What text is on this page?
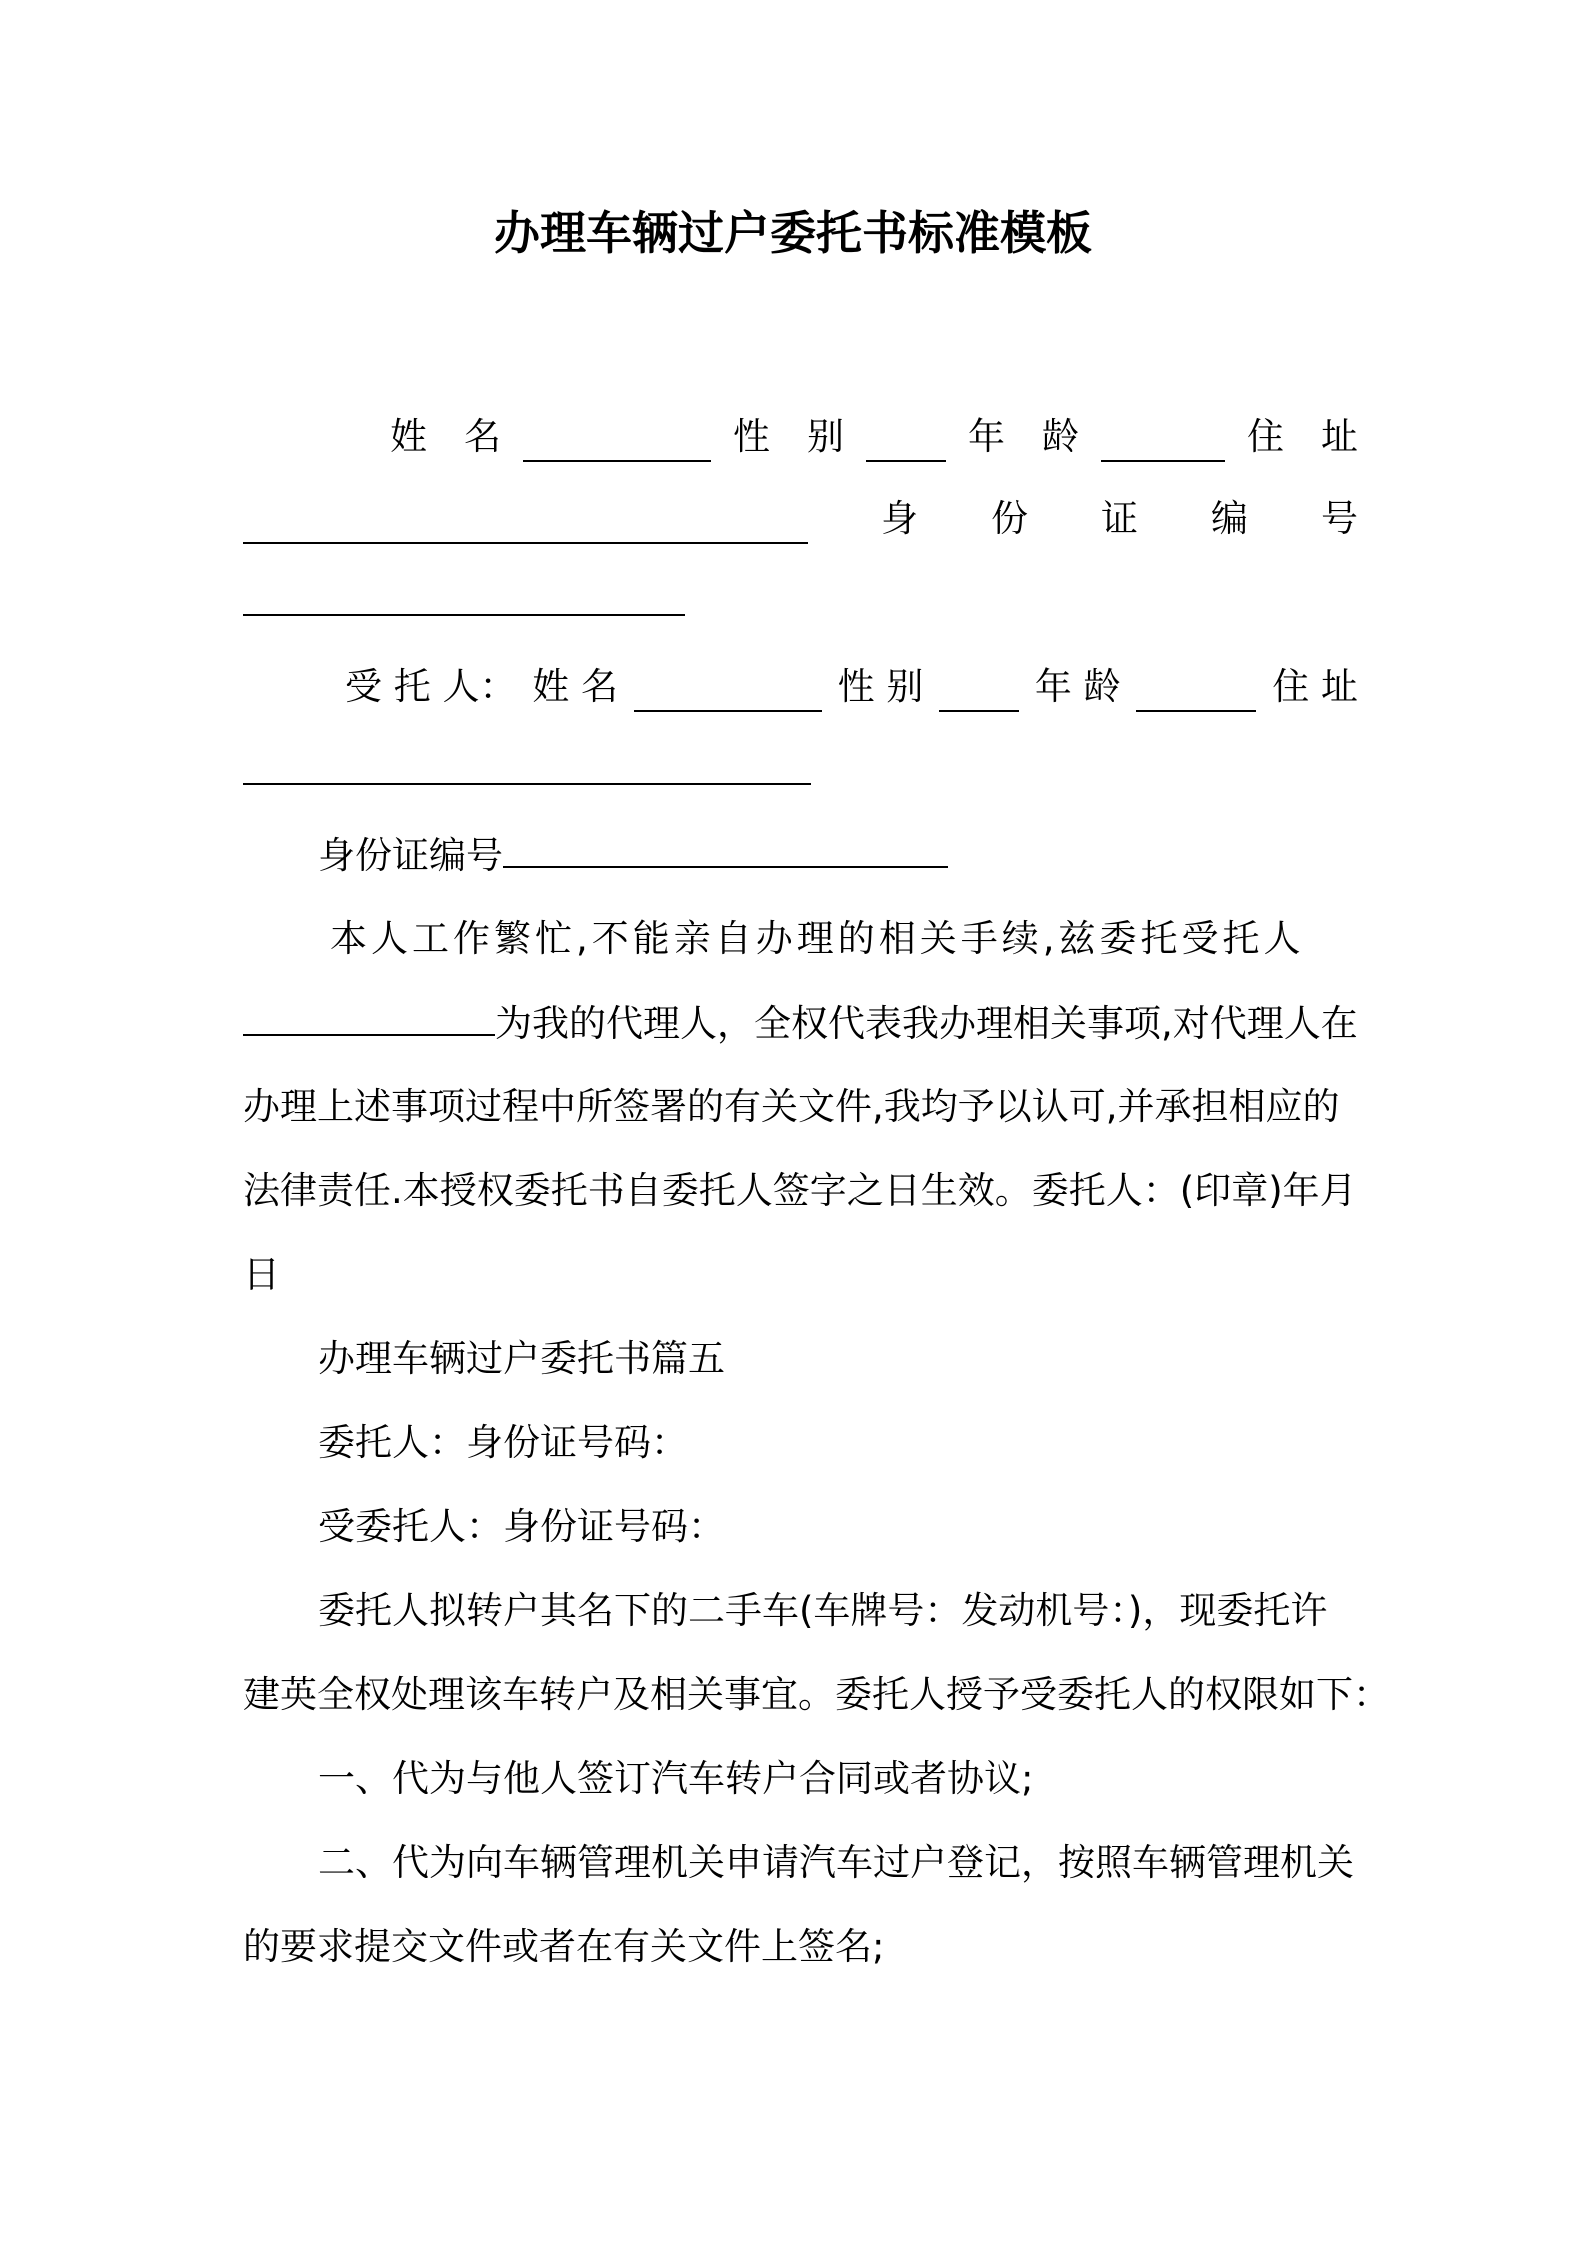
办理车辆过户委托书标准模板
姓　名	性　别	年　龄	住　址
身 份 证 编 号
受 托 人： 姓 名	性 别	年 龄	住 址
身份证编号
本人工作繁忙,不能亲自办理的相关手续,兹委托受托人
为我的代理人，全权代表我办理相关事项,对代理人在
办理上述事项过程中所签署的有关文件,我均予以认可,并承担相应的
法律责任.本授权委托书自委托人签字之日生效。委托人：(印章)年月
日
办理车辆过户委托书篇五
委托人：身份证号码：
受委托人：身份证号码：
委托人拟转户其名下的二手车(车牌号：发动机号：)，现委托许
建英全权处理该车转户及相关事宜。委托人授予受委托人的权限如下：
一、代为与他人签订汽车转户合同或者协议;
二、代为向车辆管理机关申请汽车过户登记，按照车辆管理机关
的要求提交文件或者在有关文件上签名;
